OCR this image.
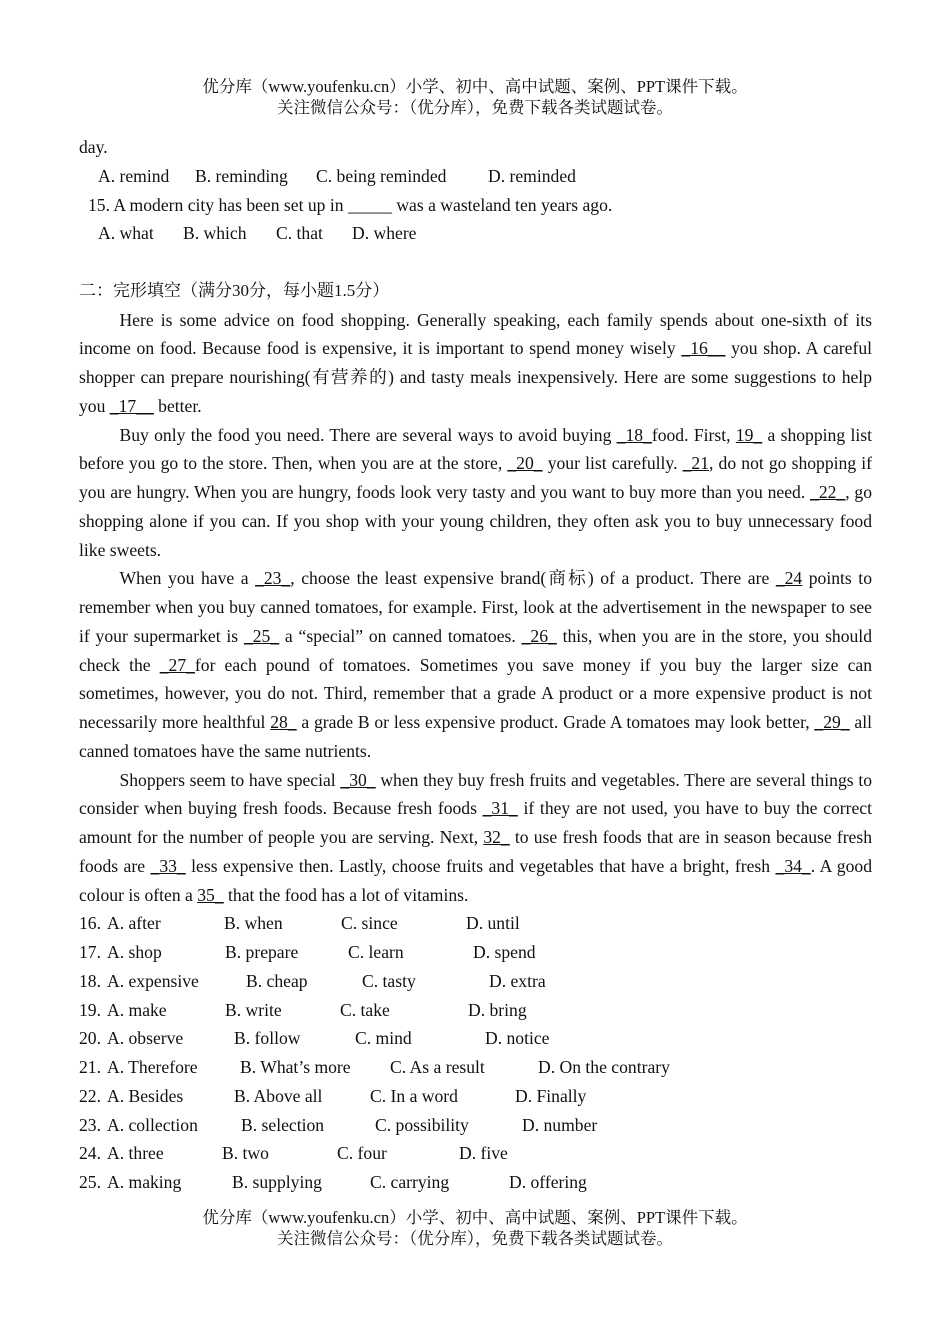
优分库（www.youfenku.cn）小学、初中、高中试题、案例、PPT课件下载。
关注微信公众号：（优分库），免费下载各类试题试卷。
day.
A. remind B. reminding C. being reminded D. reminded
15. A modern city has been set up in _____ was a wasteland ten years ago.
A. what B. which C. that D. where
二：完形填空（满分30分，每小题1.5分）

Here is some advice on food shopping. Generally speaking, each family spends about one-sixth of its income on food. Because food is expensive, it is important to spend money wisely _16__ you shop. A careful shopper can prepare nourishing(有营养的) and tasty meals inexpensively. Here are some suggestions to help you _17__ better.

Buy only the food you need. There are several ways to avoid buying _18_food. First, 19_ a shopping list before you go to the store. Then, when you are at the store, _20_ your list carefully. _21, do not go shopping if you are hungry. When you are hungry, foods look very tasty and you want to buy more than you need. _22_, go shopping alone if you can. If you shop with your young children, they often ask you to buy unnecessary food like sweets.

When you have a _23_, choose the least expensive brand(商标) of a product. There are _24 points to remember when you buy canned tomatoes, for example. First, look at the advertisement in the newspaper to see if your supermarket is _25_ a “special” on canned tomatoes. _26_ this, when you are in the store, you should check the _27_for each pound of tomatoes. Sometimes you save money if you buy the larger size can sometimes, however, you do not. Third, remember that a grade A product or a more expensive product is not necessarily more healthful 28_ a grade B or less expensive product. Grade A tomatoes may look better, _29_ all canned tomatoes have the same nutrients.

Shoppers seem to have special _30_ when they buy fresh fruits and vegetables. There are several things to consider when buying fresh foods. Because fresh foods _31_ if they are not used, you have to buy the correct amount for the number of people you are serving. Next, 32_ to use fresh foods that are in season because fresh foods are _33_ less expensive then. Lastly, choose fruits and vegetables that have a bright, fresh _34_. A good colour is often a 35_ that the food has a lot of vitamins.

16. A. after	B. when	C. since	D. until
17. A. shop	B. prepare	C. learn	D. spend
18. A. expensive	B. cheap	C. tasty	D. extra
19. A. make	B. write	C. take	D. bring
20. A. observe	B. follow	C. mind	D. notice
21. A. Therefore B. What’s more C. As a result	D. On the contrary
22. A. Besides	B. Above all	C. In a word	D. Finally
23. A. collection B. selection	C. possibility	D. number
24. A. three	B. two	C. four	D. five
25. A. making	B. supplying	C. carrying	D. offering
优分库（www.youfenku.cn）小学、初中、高中试题、案例、PPT课件下载。
关注微信公众号：（优分库），免费下载各类试题试卷。
